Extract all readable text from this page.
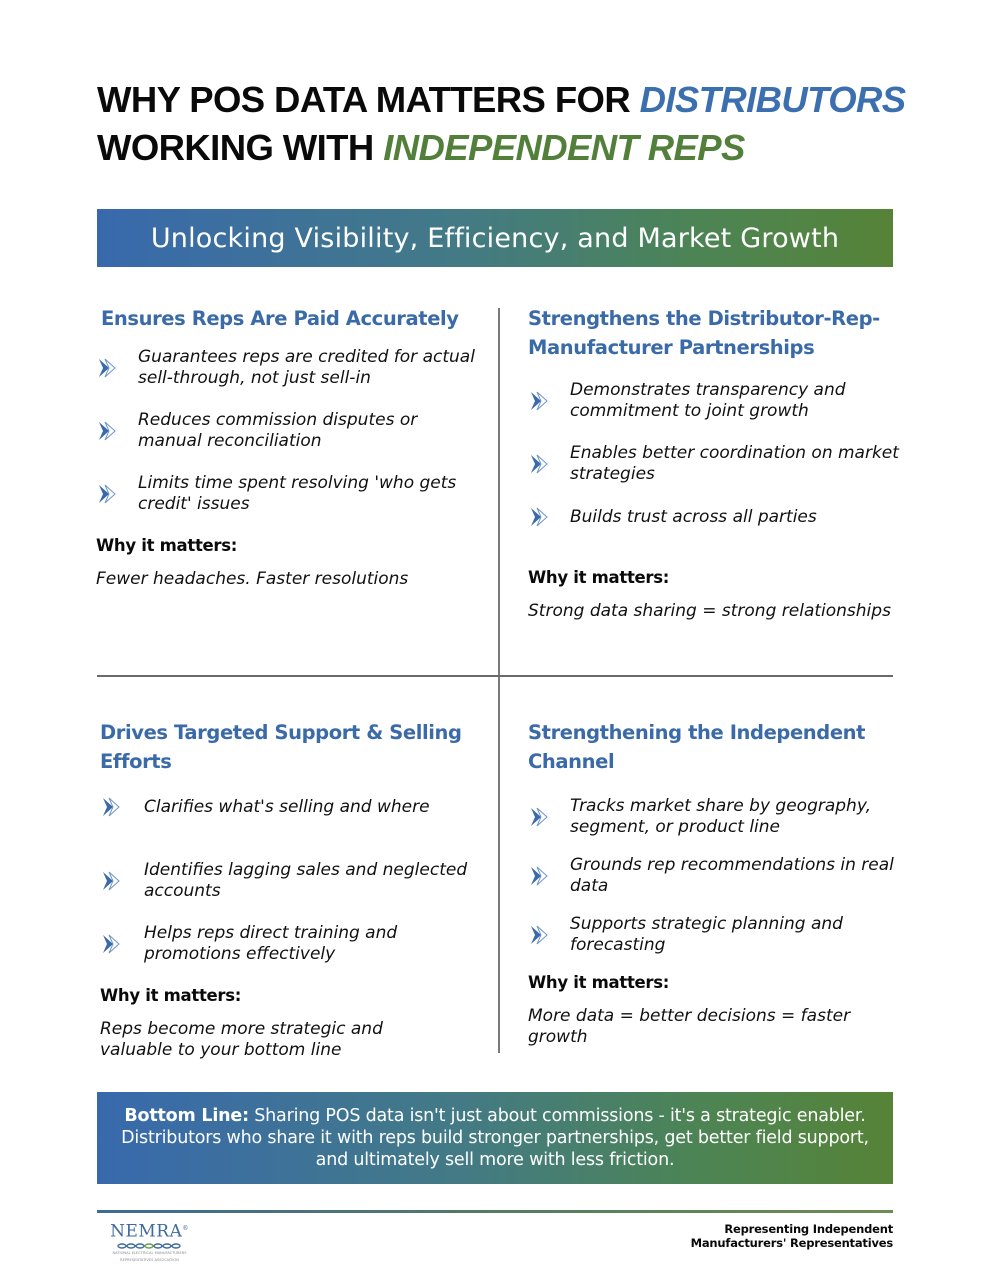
WHY POS DATA MATTERS FOR DISTRIBUTORS
WORKING WITH INDEPENDENT REPS
Unlocking Visibility, Efficiency, and Market Growth
Ensures Reps Are Paid Accurately
Guarantees reps are credited for actual sell-through, not just sell-in
Reduces commission disputes or manual reconciliation
Limits time spent resolving 'who gets credit' issues
Why it matters:
Fewer headaches. Faster resolutions
Strengthens the Distributor-Rep-Manufacturer Partnerships
Demonstrates transparency and commitment to joint growth
Enables better coordination on market strategies
Builds trust across all parties
Why it matters:
Strong data sharing = strong relationships
Drives Targeted Support & Selling Efforts
Clarifies what's selling and where
Identifies lagging sales and neglected accounts
Helps reps direct training and promotions effectively
Why it matters:
Reps become more strategic and valuable to your bottom line
Strengthening the Independent Channel
Tracks market share by geography, segment, or product line
Grounds rep recommendations in real data
Supports strategic planning and forecasting
Why it matters:
More data = better decisions = faster growth

Bottom Line: Sharing POS data isn't just about commissions - it's a strategic enabler. Distributors who share it with reps build stronger partnerships, get better field support, and ultimately sell more with less friction.

NEMRA®
NATIONAL ELECTRICAL MANUFACTURERS
REPRESENTATIVES ASSOCIATION
Representing Independent
Manufacturers' Representatives
